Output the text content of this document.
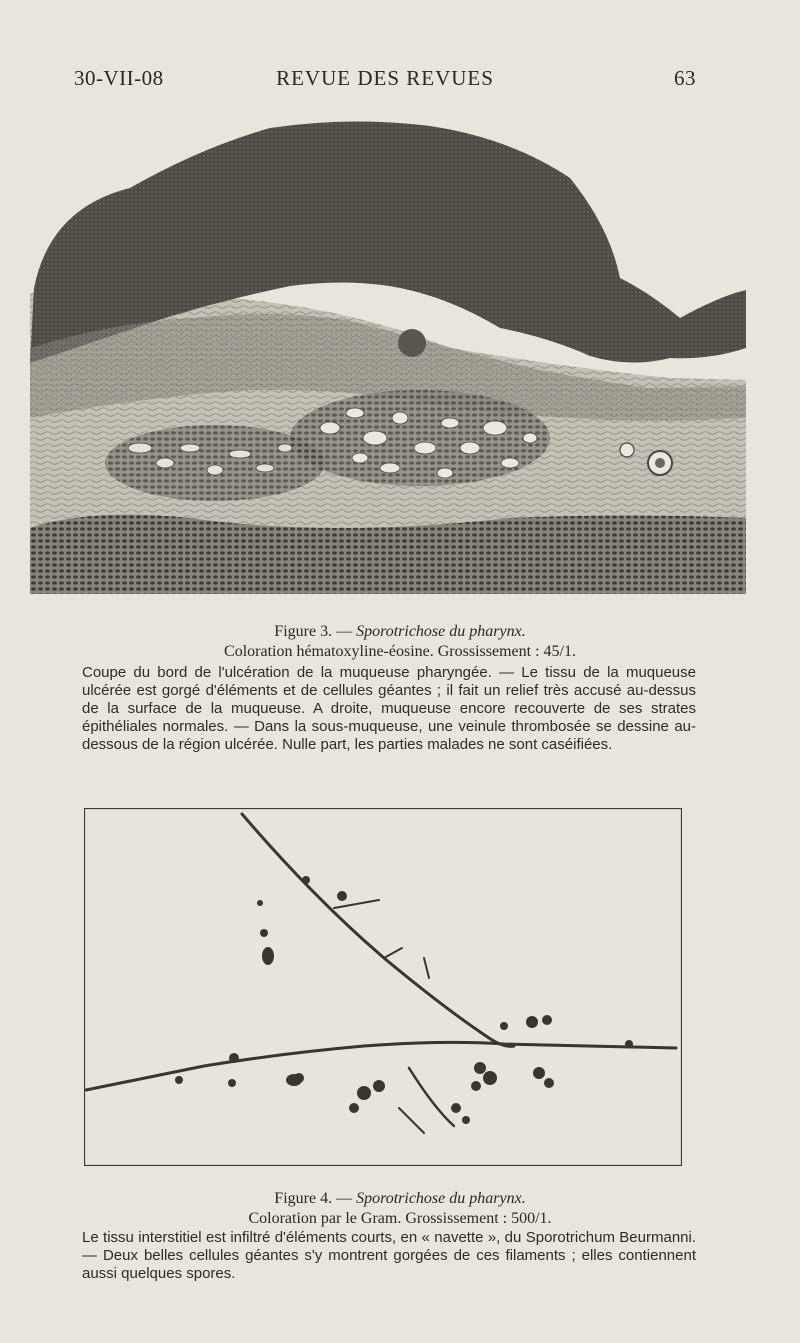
30-VII-08	REVUE DES REVUES	63
Figure 3. — Sporotrichose du pharynx.
Coloration hématoxyline-éosine. Grossissement : 45/1.
Coupe du bord de l'ulcération de la muqueuse pharyngée. — Le tissu de la muqueuse ulcérée est gorgé d'éléments et de cellules géantes ; il fait un relief très accusé au-dessus de la surface de la muqueuse. A droite, muqueuse encore recouverte de ses strates épithéliales normales. — Dans la sous-muqueuse, une veinule thrombosée se dessine au-dessous de la région ulcérée. Nulle part, les parties malades ne sont caséifiées.
Figure 4. — Sporotrichose du pharynx.
Coloration par le Gram. Grossissement : 500/1.
Le tissu interstitiel est infiltré d'éléments courts, en « navette », du Sporotrichum Beurmanni. — Deux belles cellules géantes s'y montrent gorgées de ces filaments ; elles contiennent aussi quelques spores.
